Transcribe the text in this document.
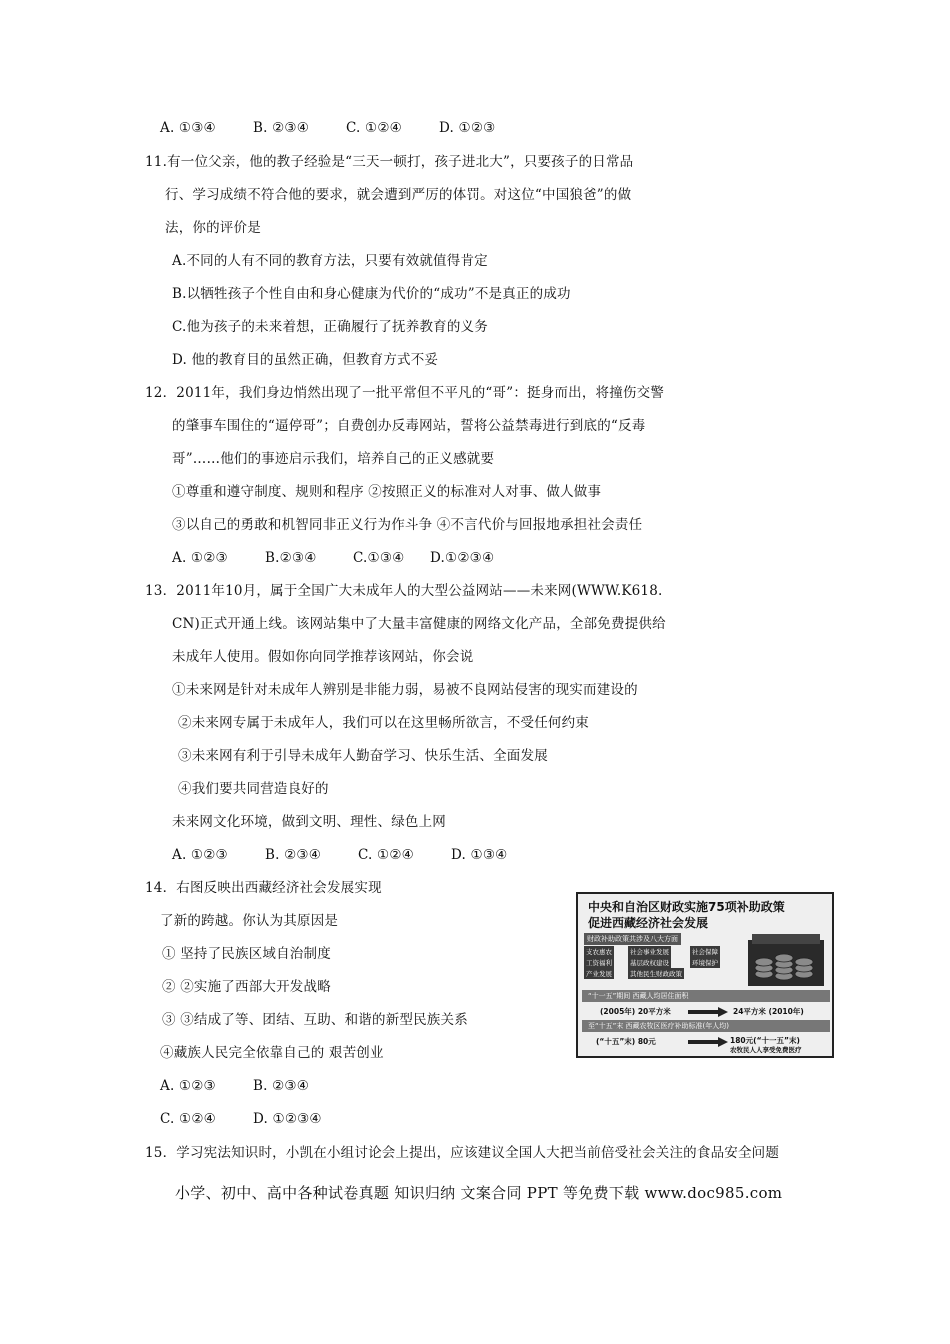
A. ①③④	B. ②③④	C. ①②④	D. ①②③
11.有一位父亲，他的教子经验是“三天一顿打，孩子进北大”，只要孩子的日常品
行、学习成绩不符合他的要求，就会遭到严厉的体罚。对这位“中国狼爸”的做
法，你的评价是
A.不同的人有不同的教育方法，只要有效就值得肯定
B.以牺牲孩子个性自由和身心健康为代价的“成功”不是真正的成功
C.他为孩子的未来着想，正确履行了抚养教育的义务
D. 他的教育目的虽然正确，但教育方式不妥
12．2011年，我们身边悄然出现了一批平常但不平凡的“哥”：挺身而出，将撞伤交警
的肇事车围住的“逼停哥”；自费创办反毒网站，誓将公益禁毒进行到底的“反毒
哥”……他们的事迹启示我们，培养自己的正义感就要
①尊重和遵守制度、规则和程序 ②按照正义的标准对人对事、做人做事
③以自己的勇敢和机智同非正义行为作斗争 ④不言代价与回报地承担社会责任
A. ①②③	B.②③④	C.①③④ D.①②③④
13．2011年10月，属于全国广大未成年人的大型公益网站——未来网(WWW.K618.
CN)正式开通上线。该网站集中了大量丰富健康的网络文化产品，全部免费提供给
未成年人使用。假如你向同学推荐该网站，你会说
①未来网是针对未成年人辨别是非能力弱，易被不良网站侵害的现实而建设的
②未来网专属于未成年人，我们可以在这里畅所欲言，不受任何约束
③未来网有利于引导未成年人勤奋学习、快乐生活、全面发展
④我们要共同营造良好的
未来网文化环境，做到文明、理性、绿色上网
A. ①②③	B. ②③④	C. ①②④	D. ①③④
14．右图反映出西藏经济社会发展实现
了新的跨越。你认为其原因是
① 坚持了民族区域自治制度
② ②实施了西部大开发战略
③ ③结成了等、团结、互助、和谐的新型民族关系
④藏族人民完全依靠自己的 艰苦创业
A. ①②③	B. ②③④
C. ①②④	D. ①②③④
中央和自治区财政实施75项补助政策
促进西藏经济社会发展
财政补助政策共涉及八大方面
支农惠农	社会事业发展	社会保障
工资福利	基层政权建设	环境保护
产业发展	其他民生财政政策
“十一五”期间 西藏人均居住面积
(2005年) 20平方米	24平方米 (2010年)
至“十五”末 西藏农牧区医疗补助标准(年人均)
(“十五”末) 80元	180元(“十一五”末)
农牧民人人享受免费医疗
15．学习宪法知识时，小凯在小组讨论会上提出，应该建议全国人大把当前倍受社会关注的食品安全问题
小学、初中、高中各种试卷真题 知识归纳 文案合同 PPT 等免费下载 www.doc985.com
